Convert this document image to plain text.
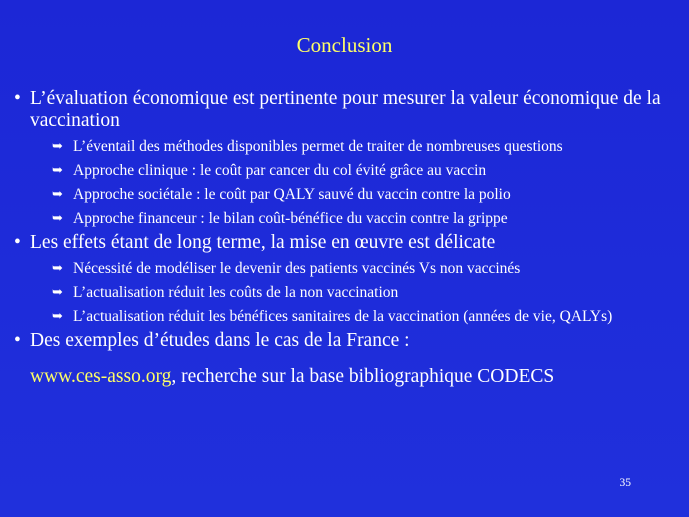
Conclusion
• L’évaluation économique est pertinente pour mesurer la valeur économique de la vaccination
➥ L’éventail des méthodes disponibles permet de traiter de nombreuses questions
➥ Approche clinique : le coût par cancer du col évité grâce au vaccin
➥ Approche sociétale : le coût par QALY sauvé du vaccin contre la polio
➥ Approche financeur : le bilan coût-bénéfice du vaccin contre la grippe
• Les effets étant de long terme, la mise en œuvre est délicate
➥ Nécessité de modéliser le devenir des patients vaccinés Vs non vaccinés
➥ L’actualisation réduit les coûts de la non vaccination
➥ L’actualisation réduit les bénéfices sanitaires de la vaccination (années de vie, QALYs)
• Des exemples d’études dans le cas de la France :
www.ces-asso.org, recherche sur la base bibliographique CODECS
35
